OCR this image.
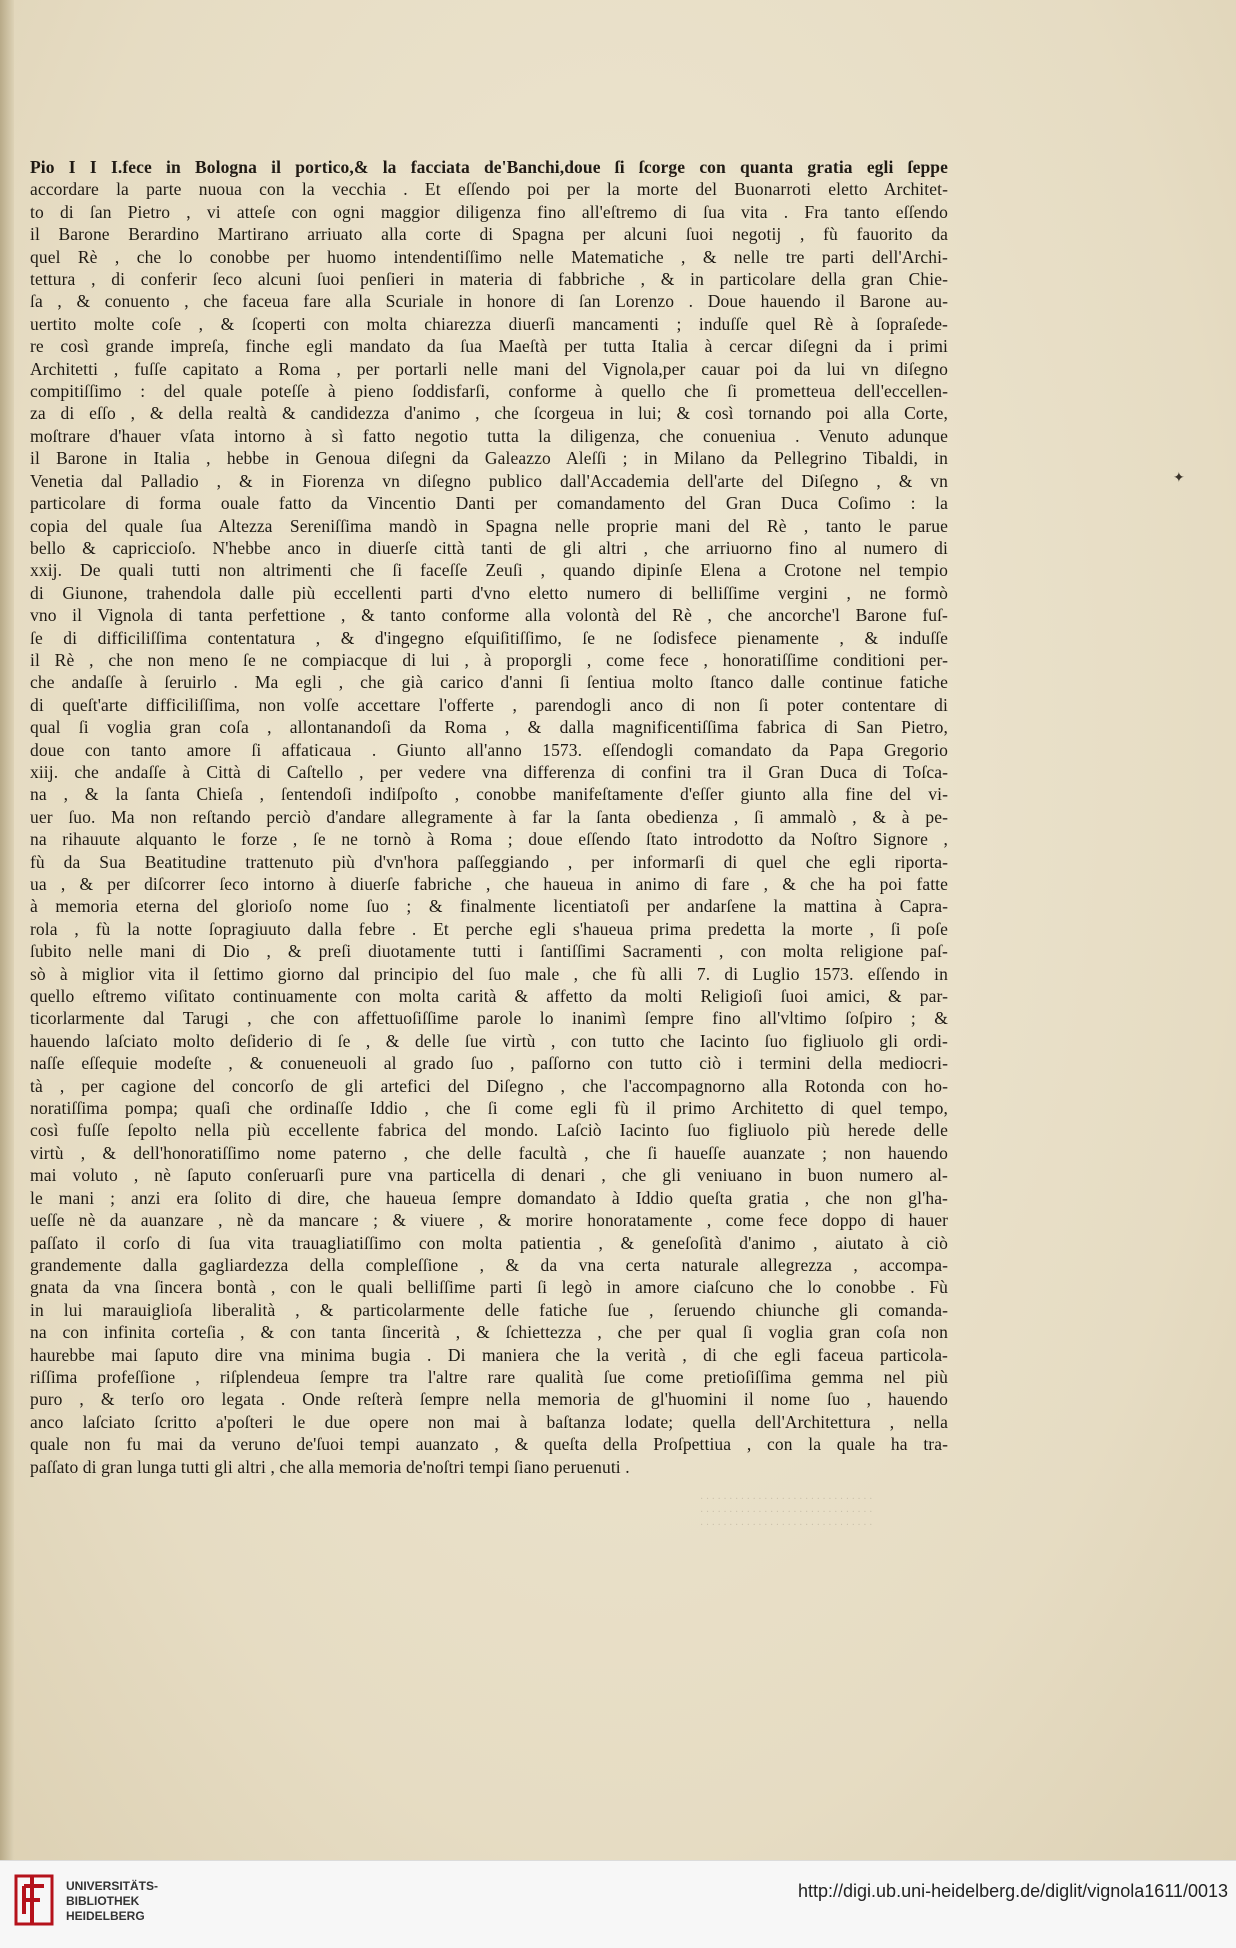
Pio I I I.fece in Bologna il portico,& la facciata de'Banchi,doue ſi ſcorge con quanta gratia egli ſeppe
accordare la parte nuoua con la vecchia . Et eſſendo poi per la morte del Buonarroti eletto Architet-
to di ſan Pietro , vi atteſe con ogni maggior diligenza fino all'eſtremo di ſua vita . Fra tanto eſſendo
il Barone Berardino Martirano arriuato alla corte di Spagna per alcuni ſuoi negotij , fù fauorito da
quel Rè , che lo conobbe per huomo intendentiſſimo nelle Matematiche , & nelle tre parti dell'Archi-
tettura , di conferir ſeco alcuni ſuoi penſieri in materia di fabbriche , & in particolare della gran Chie-
ſa , & conuento , che faceua fare alla Scuriale in honore di ſan Lorenzo . Doue hauendo il Barone au-
uertito molte coſe , & ſcoperti con molta chiarezza diuerſi mancamenti ; induſſe quel Rè à ſopraſede-
re così grande impreſa, finche egli mandato da ſua Maeſtà per tutta Italia à cercar diſegni da i primi
Architetti , fuſſe capitato a Roma , per portarli nelle mani del Vignola,per cauar poi da lui vn diſegno
compitiſſimo : del quale poteſſe à pieno ſoddisfarſi, conforme à quello che ſi prometteua dell'eccellen-
za di eſſo , & della realtà & candidezza d'animo , che ſcorgeua in lui; & così tornando poi alla Corte,
moſtrare d'hauer vſata intorno à sì fatto negotio tutta la diligenza, che conueniua . Venuto adunque
il Barone in Italia , hebbe in Genoua diſegni da Galeazzo Aleſſi ; in Milano da Pellegrino Tibaldi, in
Venetia dal Palladio , & in Fiorenza vn diſegno publico dall'Accademia dell'arte del Diſegno , & vn
particolare di forma ouale fatto da Vincentio Danti per comandamento del Gran Duca Coſimo : la
copia del quale ſua Altezza Sereniſſima mandò in Spagna nelle proprie mani del Rè , tanto le parue
bello & capriccioſo. N'hebbe anco in diuerſe città tanti de gli altri , che arriuorno fino al numero di
xxij. De quali tutti non altrimenti che ſi faceſſe Zeuſi , quando dipinſe Elena a Crotone nel tempio
di Giunone, trahendola dalle più eccellenti parti d'vno eletto numero di belliſſime vergini , ne formò
vno il Vignola di tanta perfettione , & tanto conforme alla volontà del Rè , che ancorche'l Barone fuſ-
ſe di difficiliſſima contentatura , & d'ingegno eſquiſitiſſimo, ſe ne ſodisfece pienamente , & induſſe
il Rè , che non meno ſe ne compiacque di lui , à proporgli , come fece , honoratiſſime conditioni per-
che andaſſe à ſeruirlo . Ma egli , che già carico d'anni ſi ſentiua molto ſtanco dalle continue fatiche
di queſt'arte difficiliſſima, non volſe accettare l'offerte , parendogli anco di non ſi poter contentare di
qual ſi voglia gran coſa , allontanandoſi da Roma , & dalla magnificentiſſima fabrica di San Pietro,
doue con tanto amore ſi affaticaua . Giunto all'anno 1573. eſſendogli comandato da Papa Gregorio
xiij. che andaſſe à Città di Caſtello , per vedere vna differenza di confini tra il Gran Duca di Toſca-
na , & la ſanta Chieſa , ſentendoſi indiſpoſto , conobbe manifeſtamente d'eſſer giunto alla fine del vi-
uer ſuo. Ma non reſtando perciò d'andare allegramente à far la ſanta obedienza , ſi ammalò , & à pe-
na rihauute alquanto le forze , ſe ne tornò à Roma ; doue eſſendo ſtato introdotto da Noſtro Signore ,
fù da Sua Beatitudine trattenuto più d'vn'hora paſſeggiando , per informarſi di quel che egli riporta-
ua , & per diſcorrer ſeco intorno à diuerſe fabriche , che haueua in animo di fare , & che ha poi fatte
à memoria eterna del glorioſo nome ſuo ; & finalmente licentiatoſi per andarſene la mattina à Capra-
rola , fù la notte ſopragiuuto dalla febre . Et perche egli s'haueua prima predetta la morte , ſi poſe
ſubito nelle mani di Dio , & preſi diuotamente tutti i ſantiſſimi Sacramenti , con molta religione paſ-
sò à miglior vita il ſettimo giorno dal principio del ſuo male , che fù alli 7. di Luglio 1573. eſſendo in
quello eſtremo viſitato continuamente con molta carità & affetto da molti Religioſi ſuoi amici, & par-
ticorlarmente dal Tarugi , che con affettuoſiſſime parole lo inanimì ſempre fino all'vltimo ſoſpiro ; &
hauendo laſciato molto deſiderio di ſe , & delle ſue virtù , con tutto che Iacinto ſuo figliuolo gli ordi-
naſſe eſſequie modeſte , & conueneuoli al grado ſuo , paſſorno con tutto ciò i termini della mediocri-
tà , per cagione del concorſo de gli artefici del Diſegno , che l'accompagnorno alla Rotonda con ho-
noratiſſima pompa; quaſi che ordinaſſe Iddio , che ſi come egli fù il primo Architetto di quel tempo,
così fuſſe ſepolto nella più eccellente fabrica del mondo. Laſciò Iacinto ſuo figliuolo più herede delle
virtù , & dell'honoratiſſimo nome paterno , che delle facultà , che ſi haueſſe auanzate ; non hauendo
mai voluto , nè ſaputo conſeruarſi pure vna particella di denari , che gli veniuano in buon numero al-
le mani ; anzi era ſolito di dire, che haueua ſempre domandato à Iddio queſta gratia , che non gl'ha-
ueſſe nè da auanzare , nè da mancare ; & viuere , & morire honoratamente , come fece doppo di hauer
paſſato il corſo di ſua vita trauagliatiſſimo con molta patientia , & geneſoſità d'animo , aiutato à ciò
grandemente dalla gagliardezza della compleſſione , & da vna certa naturale allegrezza , accompa-
gnata da vna ſincera bontà , con le quali belliſſime parti ſi legò in amore ciaſcuno che lo conobbe . Fù
in lui marauiglioſa liberalità , & particolarmente delle fatiche ſue , ſeruendo chiunche gli comanda-
na con infinita corteſia , & con tanta ſincerità , & ſchiettezza , che per qual ſi voglia gran coſa non
haurebbe mai ſaputo dire vna minima bugia . Di maniera che la verità , di che egli faceua particola-
riſſima profeſſione , riſplendeua ſempre tra l'altre rare qualità ſue come pretioſiſſima gemma nel più
puro , & terſo oro legata . Onde reſterà ſempre nella memoria de gl'huomini il nome ſuo , hauendo
anco laſciato ſcritto a'poſteri le due opere non mai à baſtanza lodate; quella dell'Architettura , nella
quale non fu mai da veruno de'ſuoi tempi auanzato , & queſta della Proſpettiua , con la quale ha tra-
paſſato di gran lunga tutti gli altri , che alla memoria de'noſtri tempi ſiano peruenuti .
· · · · · · · · · · · · · · · · · · · · · · · · · · · · · ·
· · · · · · · · · · · · · · · · · · · · · · · · · · · · · ·
· · · · · · · · · · · · · · · · · · · · · · · · · · · · · ·
✦
UNIVERSITÄTS-
BIBLIOTHEK
HEIDELBERG
http://digi.ub.uni-heidelberg.de/diglit/vignola1611/0013
